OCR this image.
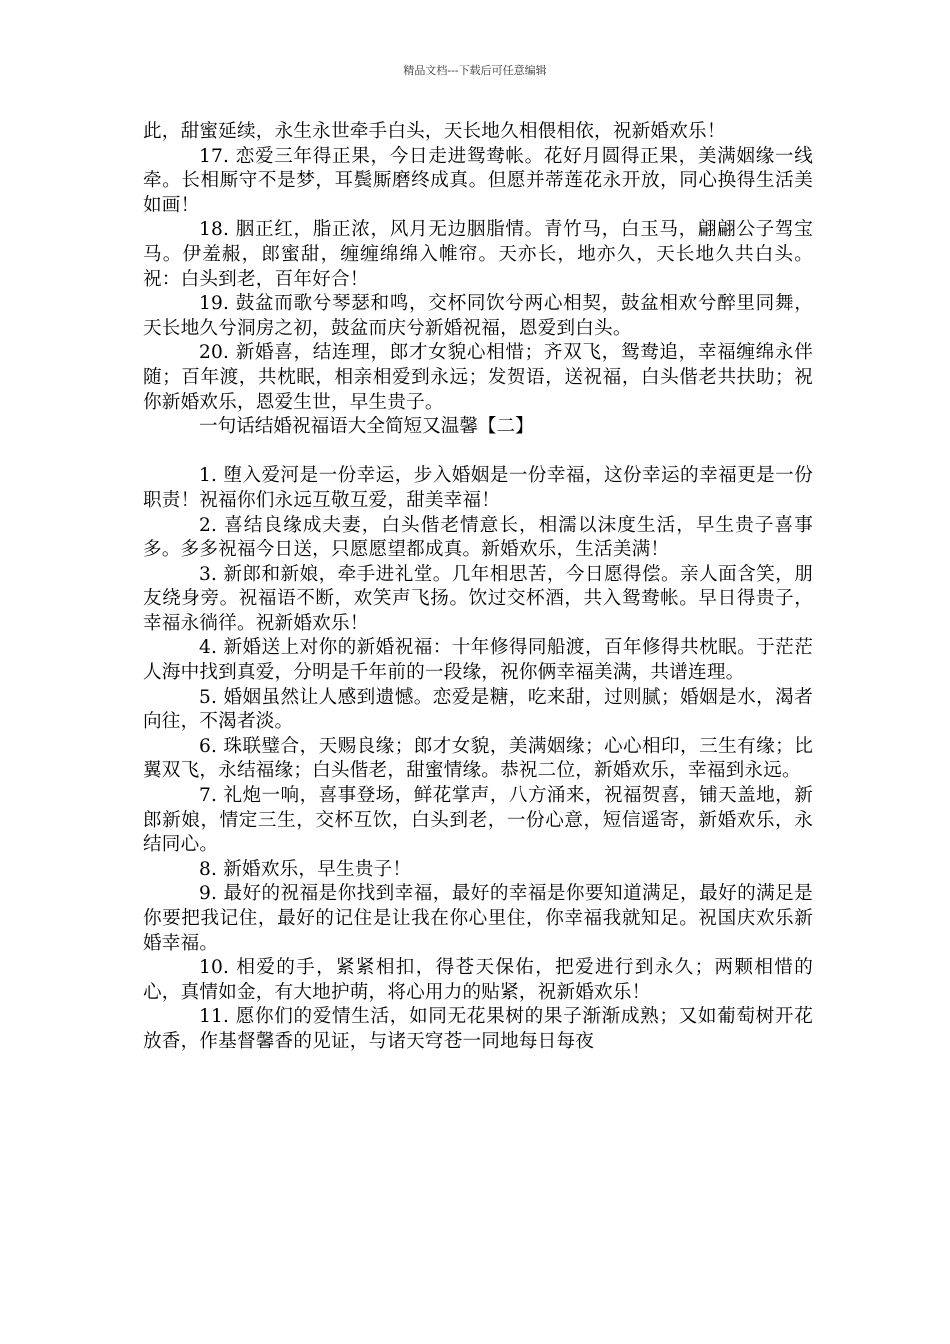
精品文档---下载后可任意编辑

此，甜蜜延续，永生永世牵手白头，天长地久相偎相依，祝新婚欢乐！

17. 恋爱三年得正果，今日走进鸳鸯帐。花好月圆得正果，美满姻缘一线牵。长相厮守不是梦，耳鬓厮磨终成真。但愿并蒂莲花永开放，同心换得生活美如画！

18. 胭正红，脂正浓，风月无边胭脂情。青竹马，白玉马，翩翩公子驾宝马。伊羞赧，郎蜜甜，缠缠绵绵入帷帘。天亦长，地亦久，天长地久共白头。祝：白头到老，百年好合！

19. 鼓盆而歌兮琴瑟和鸣，交杯同饮兮两心相契，鼓盆相欢兮醉里同舞，天长地久兮洞房之初，鼓盆而庆兮新婚祝福，恩爱到白头。

20. 新婚喜，结连理，郎才女貌心相惜；齐双飞，鸳鸯追，幸福缠绵永伴随；百年渡，共枕眠，相亲相爱到永远；发贺语，送祝福，白头偕老共扶助；祝你新婚欢乐，恩爱生世，早生贵子。

一句话结婚祝福语大全简短又温馨【二】

1. 堕入爱河是一份幸运，步入婚姻是一份幸福，这份幸运的幸福更是一份职责！祝福你们永远互敬互爱，甜美幸福！

2. 喜结良缘成夫妻，白头偕老情意长，相濡以沫度生活，早生贵子喜事多。多多祝福今日送，只愿愿望都成真。新婚欢乐，生活美满！

3. 新郎和新娘，牵手进礼堂。几年相思苦，今日愿得偿。亲人面含笑，朋友绕身旁。祝福语不断，欢笑声飞扬。饮过交杯酒，共入鸳鸯帐。早日得贵子，幸福永徜徉。祝新婚欢乐！

4. 新婚送上对你的新婚祝福：十年修得同船渡，百年修得共枕眠。于茫茫人海中找到真爱，分明是千年前的一段缘，祝你俩幸福美满，共谱连理。

5. 婚姻虽然让人感到遗憾。恋爱是糖，吃来甜，过则腻；婚姻是水，渴者向往，不渴者淡。

6. 珠联璧合，天赐良缘；郎才女貌，美满姻缘；心心相印，三生有缘；比翼双飞，永结福缘；白头偕老，甜蜜情缘。恭祝二位，新婚欢乐，幸福到永远。

7. 礼炮一响，喜事登场，鲜花掌声，八方涌来，祝福贺喜，铺天盖地，新郎新娘，情定三生，交杯互饮，白头到老，一份心意，短信遥寄，新婚欢乐，永结同心。

8. 新婚欢乐，早生贵子！

9. 最好的祝福是你找到幸福，最好的幸福是你要知道满足，最好的满足是你要把我记住，最好的记住是让我在你心里住，你幸福我就知足。祝国庆欢乐新婚幸福。

10. 相爱的手，紧紧相扣，得苍天保佑，把爱进行到永久；两颗相惜的心，真情如金，有大地护萌，将心用力的贴紧，祝新婚欢乐！

11. 愿你们的爱情生活，如同无花果树的果子渐渐成熟；又如葡萄树开花放香，作基督馨香的见证，与诸天穹苍一同地每日每夜
